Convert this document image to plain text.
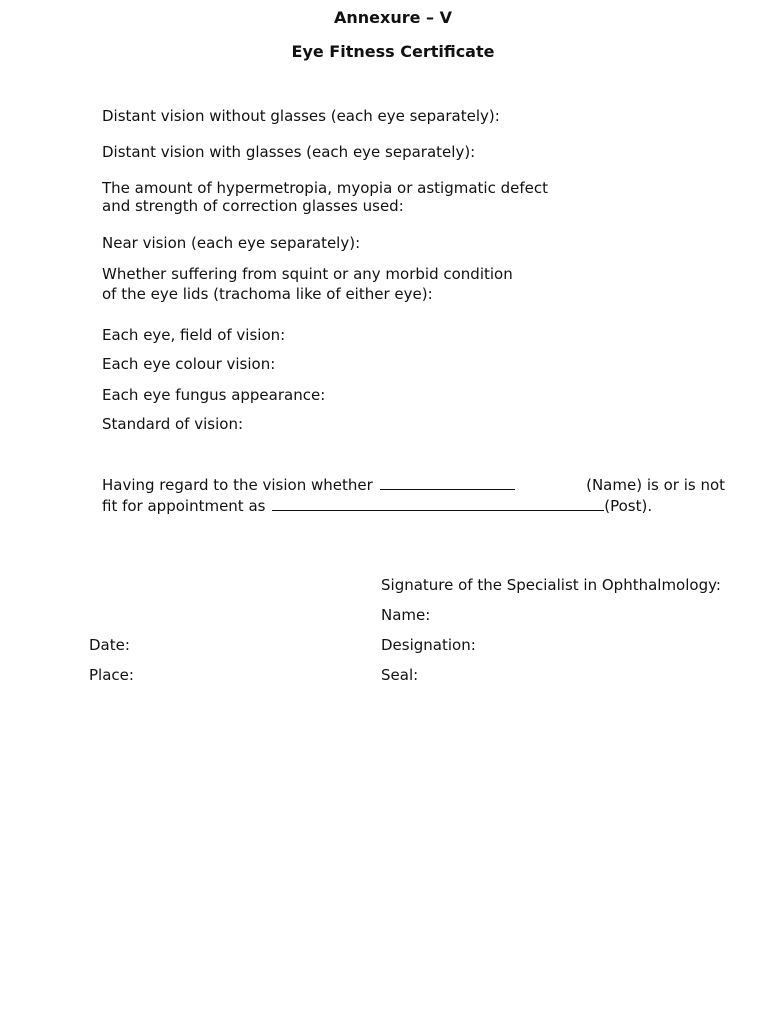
Annexure – V
Eye Fitness Certificate
Distant vision without glasses (each eye separately):
Distant vision with glasses (each eye separately):
The amount of hypermetropia, myopia or astigmatic defect
and strength of correction glasses used:
Near vision (each eye separately):
Whether suffering from squint or any morbid condition
of the eye lids (trachoma like of either eye):
Each eye, field of vision:
Each eye colour vision:
Each eye fungus appearance:
Standard of vision:
Having regard to the vision whether	(Name) is or is not
fit for appointment as	(Post).
Signature of the Specialist in Ophthalmology:
Name:
Designation:
Seal:
Date:
Place:
